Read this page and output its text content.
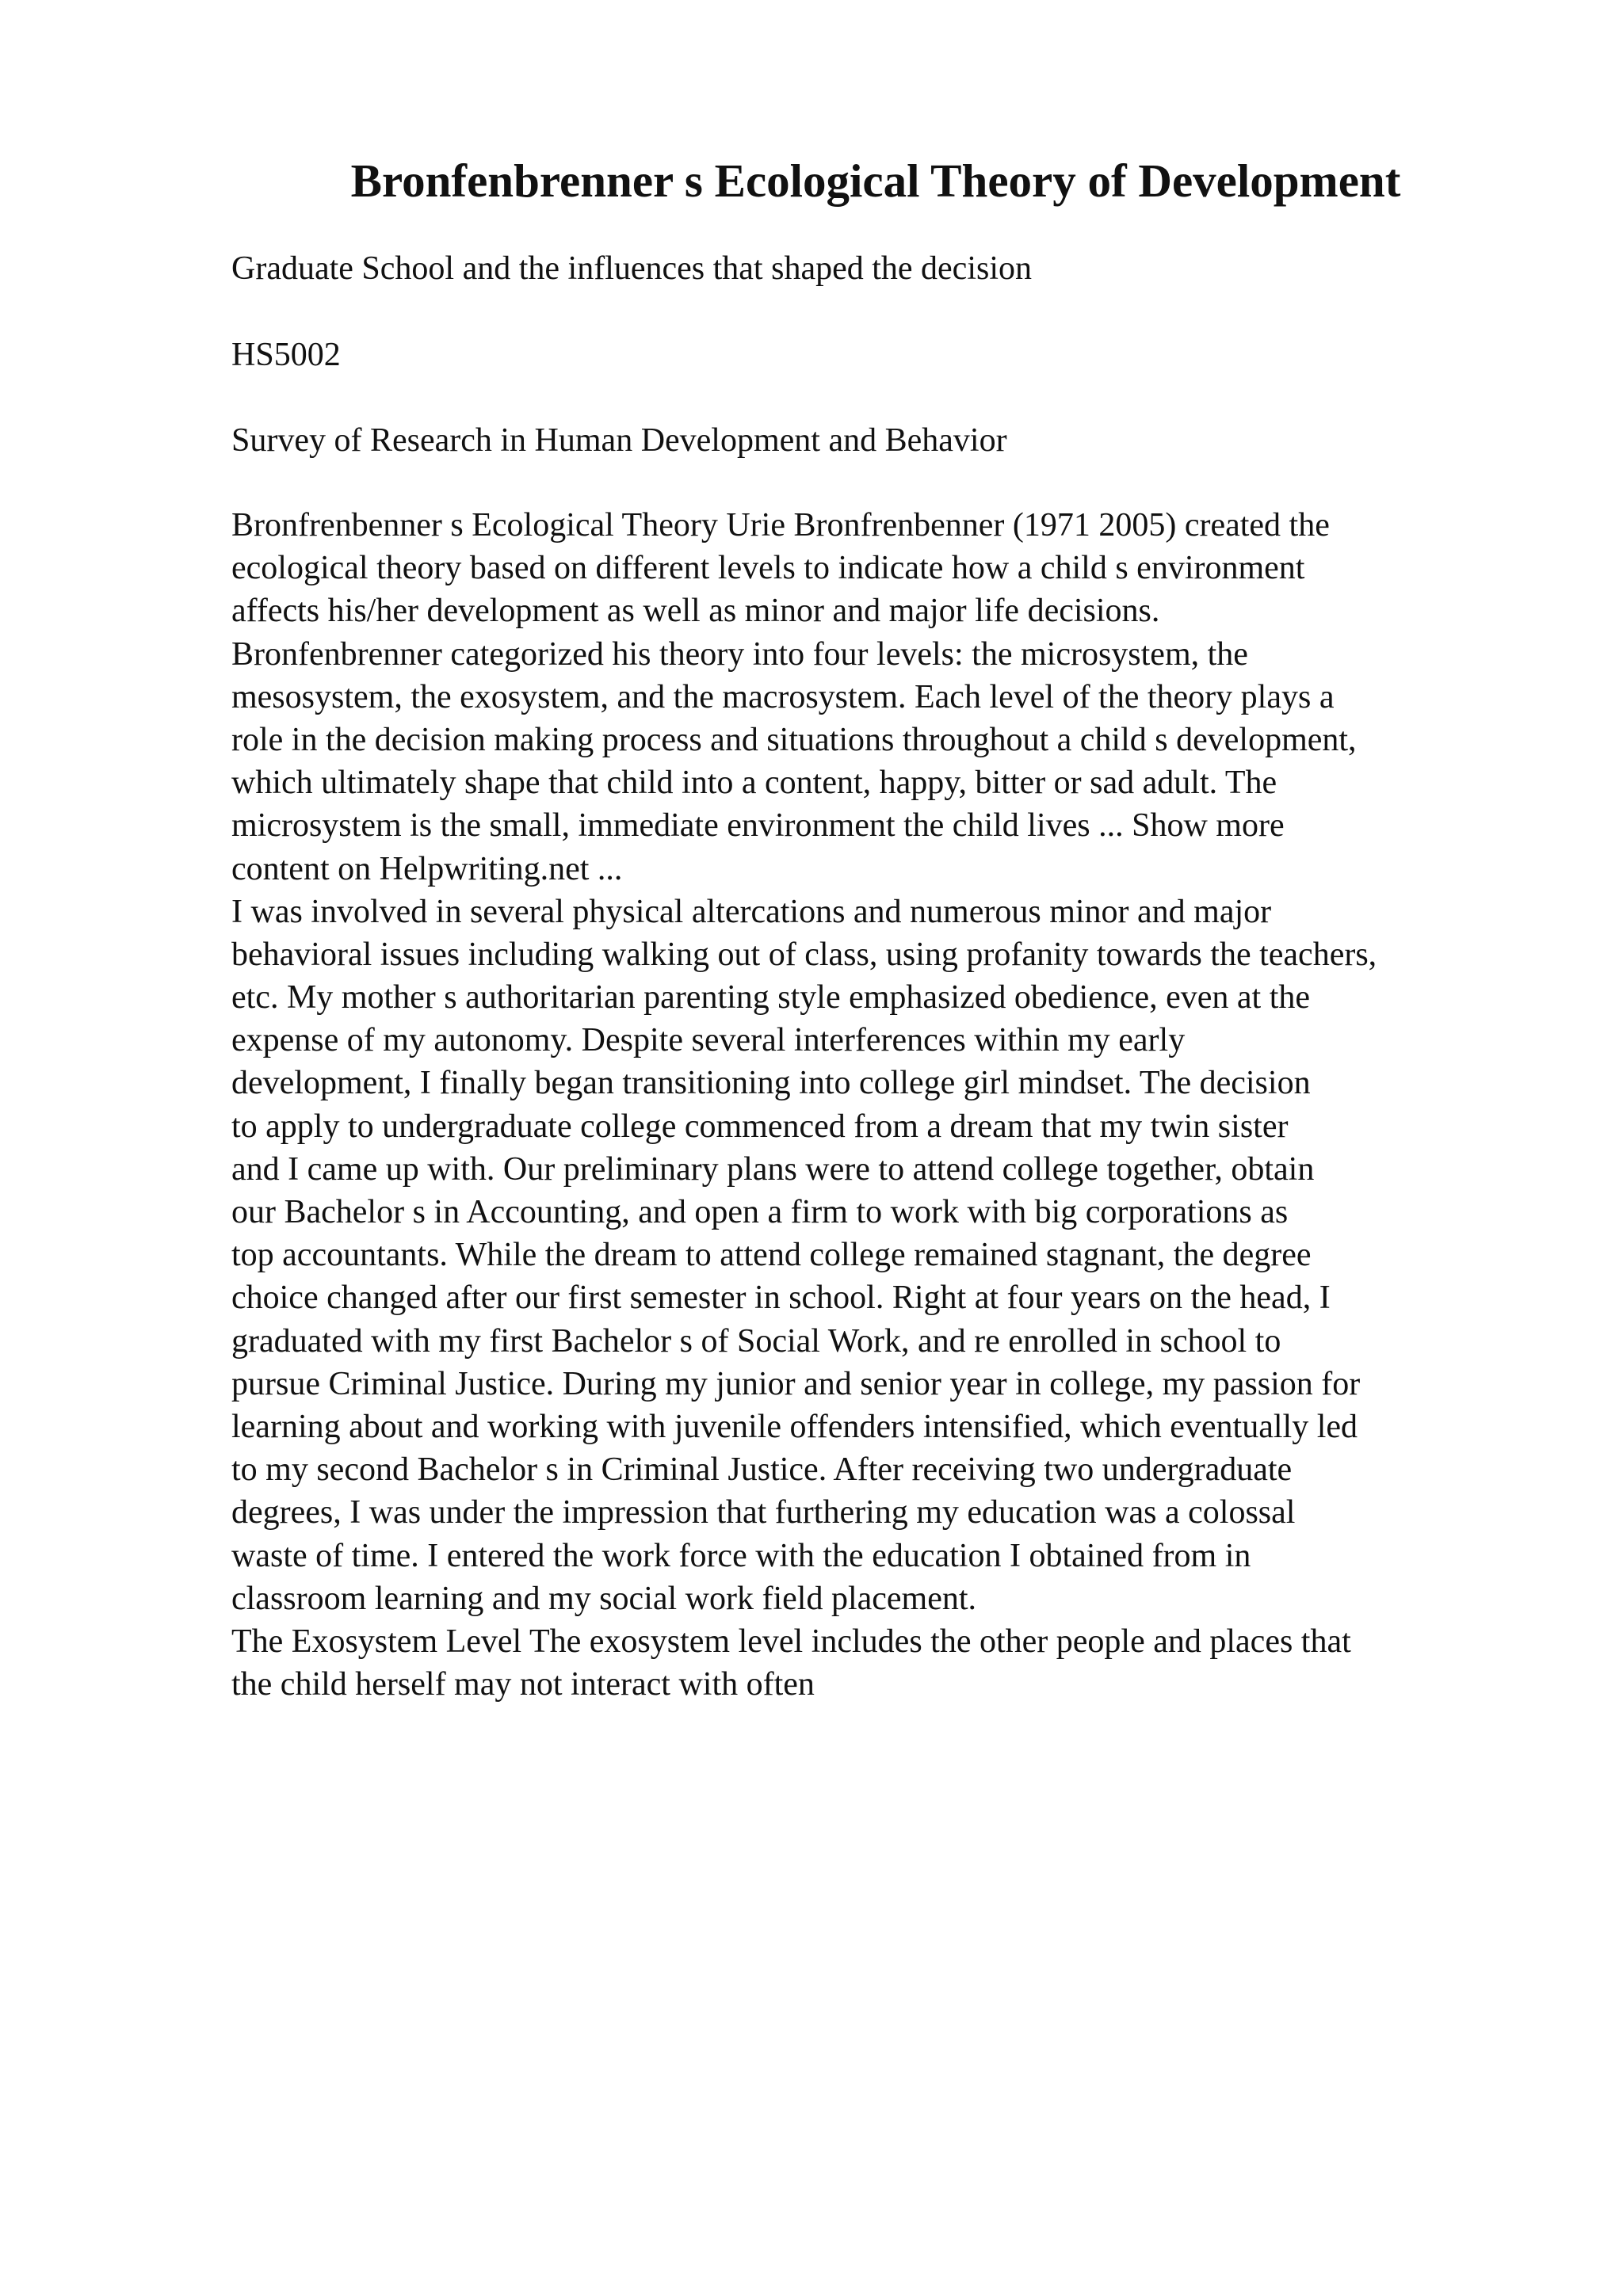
Bronfenbrenner s Ecological Theory of Development

Graduate School and the influences that shaped the decision

HS5002

Survey of Research in Human Development and Behavior

Bronfrenbenner s Ecological Theory Urie Bronfrenbenner (1971 2005) created the
ecological theory based on different levels to indicate how a child s environment
affects his/her development as well as minor and major life decisions.
Bronfenbrenner categorized his theory into four levels: the microsystem, the
mesosystem, the exosystem, and the macrosystem. Each level of the theory plays a
role in the decision making process and situations throughout a child s development,
which ultimately shape that child into a content, happy, bitter or sad adult. The
microsystem is the small, immediate environment the child lives ... Show more
content on Helpwriting.net ...
I was involved in several physical altercations and numerous minor and major
behavioral issues including walking out of class, using profanity towards the teachers,
etc. My mother s authoritarian parenting style emphasized obedience, even at the
expense of my autonomy. Despite several interferences within my early
development, I finally began transitioning into college girl mindset. The decision
to apply to undergraduate college commenced from a dream that my twin sister
and I came up with. Our preliminary plans were to attend college together, obtain
our Bachelor s in Accounting, and open a firm to work with big corporations as
top accountants. While the dream to attend college remained stagnant, the degree
choice changed after our first semester in school. Right at four years on the head, I
graduated with my first Bachelor s of Social Work, and re enrolled in school to
pursue Criminal Justice. During my junior and senior year in college, my passion for
learning about and working with juvenile offenders intensified, which eventually led
to my second Bachelor s in Criminal Justice. After receiving two undergraduate
degrees, I was under the impression that furthering my education was a colossal
waste of time. I entered the work force with the education I obtained from in
classroom learning and my social work field placement.
The Exosystem Level The exosystem level includes the other people and places that
the child herself may not interact with often
